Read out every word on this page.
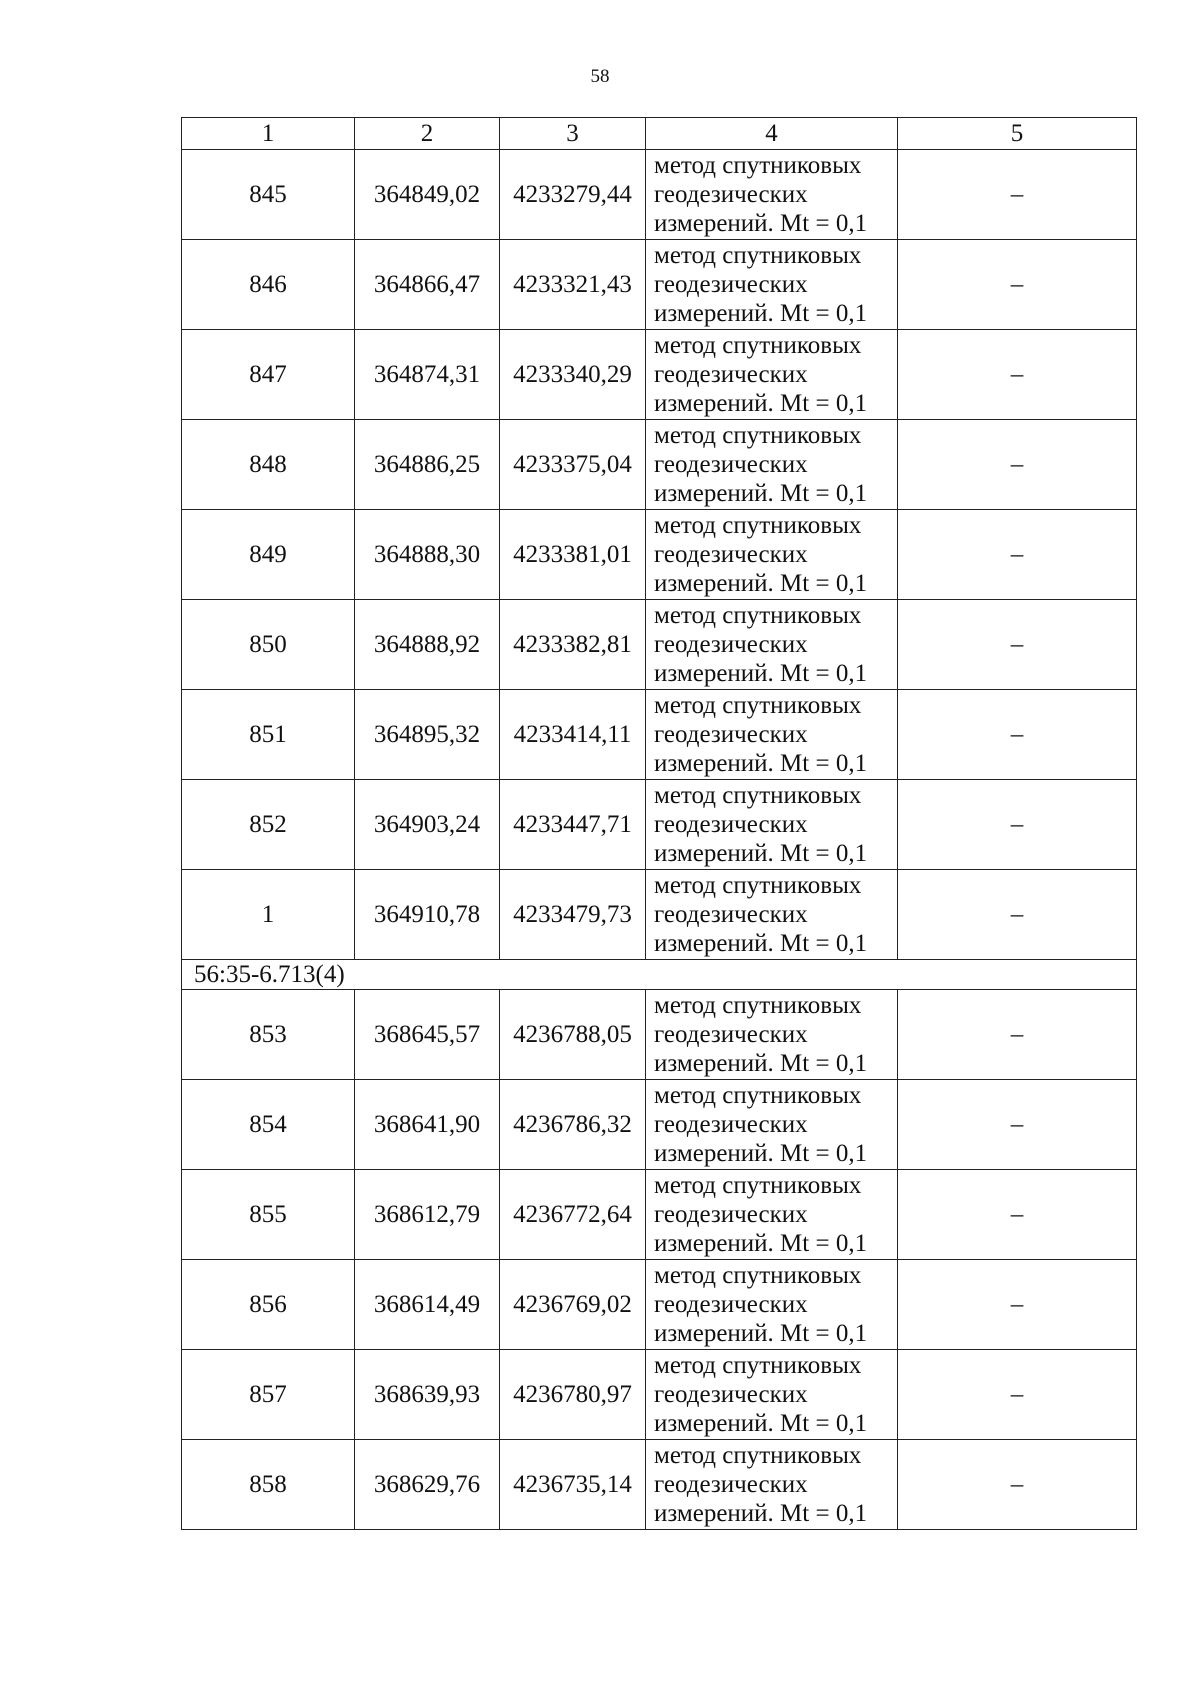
58
1	2	3	4	5
845	364849,02	4233279,44	метод спутниковых
геодезических
измерений. Mt = 0,1	–
846	364866,47	4233321,43	метод спутниковых
геодезических
измерений. Mt = 0,1	–
847	364874,31	4233340,29	метод спутниковых
геодезических
измерений. Mt = 0,1	–
848	364886,25	4233375,04	метод спутниковых
геодезических
измерений. Mt = 0,1	–
849	364888,30	4233381,01	метод спутниковых
геодезических
измерений. Mt = 0,1	–
850	364888,92	4233382,81	метод спутниковых
геодезических
измерений. Mt = 0,1	–
851	364895,32	4233414,11	метод спутниковых
геодезических
измерений. Mt = 0,1	–
852	364903,24	4233447,71	метод спутниковых
геодезических
измерений. Mt = 0,1	–
1	364910,78	4233479,73	метод спутниковых
геодезических
измерений. Mt = 0,1	–
56:35-6.713(4)				
853	368645,57	4236788,05	метод спутниковых
геодезических
измерений. Mt = 0,1	–
854	368641,90	4236786,32	метод спутниковых
геодезических
измерений. Mt = 0,1	–
855	368612,79	4236772,64	метод спутниковых
геодезических
измерений. Mt = 0,1	–
856	368614,49	4236769,02	метод спутниковых
геодезических
измерений. Mt = 0,1	–
857	368639,93	4236780,97	метод спутниковых
геодезических
измерений. Mt = 0,1	–
858	368629,76	4236735,14	метод спутниковых
геодезических
измерений. Mt = 0,1	–
